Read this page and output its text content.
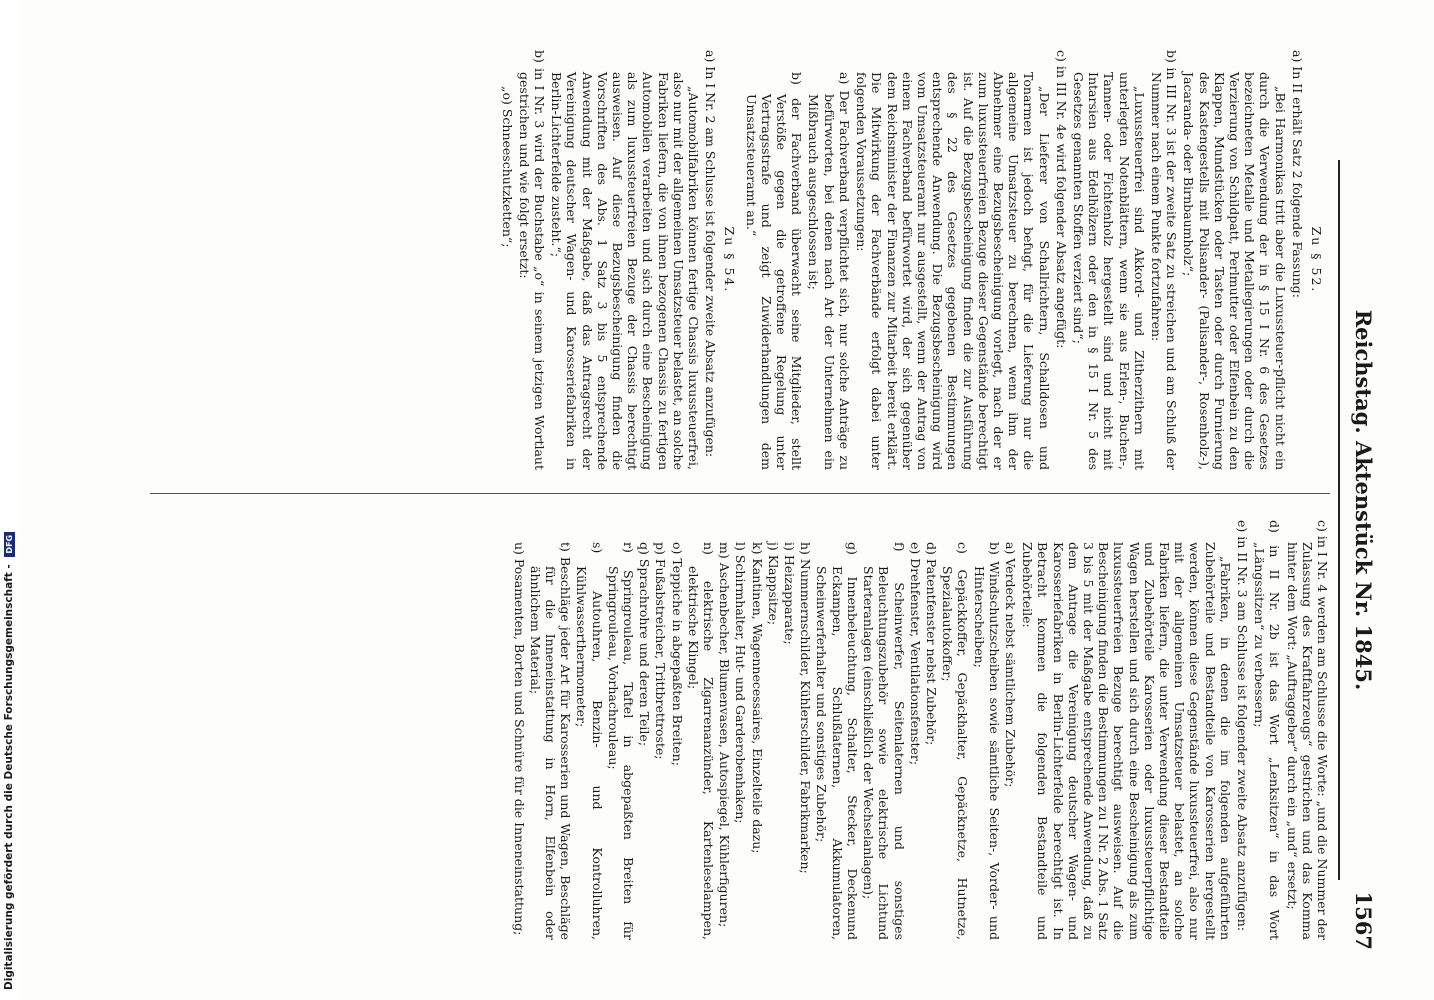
Reichstag. Aktenstück Nr. 1845.
1567

Zu § 52.

a) In II erhält Satz 2 folgende Fassung:

„Bei Harmonikas tritt aber die Luxussteuer-pflicht nicht ein durch die Verwendung der in § 15 I Nr. 6 des Gesetzes bezeichneten Metalle und Metallegierungen oder durch die Verzierung von Schildpatt, Perlmutter oder Elfenbein zu den Klappen, Mundstücken oder Tasten oder durch Furnierung des Kastengestells mit Polisander- (Palisander-, Rosenholz-), Jacaranda- oder Birnbaumholz“;

b) in III Nr. 3 ist der zweite Satz zu streichen und am Schluß der Nummer nach einem Punkte fortzufahren:

„Luxussteuerfrei sind Akkord- und Zitherzithern mit unterlegten Notenblättern, wenn sie aus Erlen-, Buchen-, Tannen- oder Fichtenholz hergestellt sind und nicht mit Intarsien aus Edelhölzern oder den in § 15 I Nr. 5 des Gesetzes genannten Stoffen verziert sind“;

c) in III Nr. 4e wird folgender Absatz angefügt:

„Der Lieferer von Schallrichtern, Schalldosen und Tonarmen ist jedoch befugt, für die Lieferung nur die allgemeine Umsatzsteuer zu berechnen, wenn ihm der Abnehmer eine Bezugsbescheinigung vorlegt, nach der er zum luxussteuerfreien Bezuge dieser Gegenstände berechtigt ist. Auf die Bezugsbescheinigung finden die zur Ausführung des § 22 des Gesetzes gegebenen Bestimmungen entsprechende Anwendung. Die Bezugsbescheinigung wird vom Umsatzsteueramt nur ausgestellt, wenn der Antrag von einem Fachverband befürwortet wird, der sich gegenüber dem Reichsminister der Finanzen zur Mitarbeit bereit erklärt. Die Mitwirkung der Fachverbände erfolgt dabei unter folgenden Voraussetzungen:

a) Der Fachverband verpflichtet sich, nur solche Anträge zu befürworten, bei denen nach Art der Unternehmen ein Mißbrauch ausgeschlossen ist;

b) der Fachverband überwacht seine Mitglieder, stellt Verstöße gegen die getroffene Regelung unter Vertragsstrafe und zeigt Zuwiderhandlungen dem Umsatzsteueramt an.“

Zu § 54.

a) In I Nr. 2 am Schlusse ist folgender zweite Absatz anzufügen:

„Automobilfabriken können fertige Chassis luxussteuerfrei, also nur mit der allgemeinen Umsatzsteuer belastet, an solche Fabriken liefern, die von ihnen bezogenen Chassis zu fertigen Automobilen verarbeiten und sich durch eine Bescheinigung als zum luxussteuerfreien Bezuge der Chassis berechtigt ausweisen. Auf diese Bezugsbescheinigung finden die Vorschriften des Abs. 1 Satz 3 bis 5 entsprechende Anwendung mit der Maßgabe, daß das Antragsrecht der Vereinigung deutscher Wagen- und Karosseriefabriken in Berlin-Lichterfelde zusteht.“;

b) in I Nr. 3 wird der Buchstabe „o“ in seinem jetzigen Wortlaut gestrichen und wie folgt ersetzt:

„o) Schneeschutzketten“;

c) in I Nr. 4 werden am Schlusse die Worte: „und die Nummer der Zulassung des Kraftfahrzeugs“ gestrichen und das Komma hinter dem Wort: „Auftraggeber“ durch ein „und“ ersetzt;

d) in II Nr. 2b ist das Wort „Lenksitzen“ in das Wort „Längssitzen“ zu verbessern;

e) in II Nr. 3 am Schlusse ist folgender zweite Absatz anzufügen:

„Fabriken, in denen die im folgenden aufgeführten Zubehörteile und Bestandteile von Karosserien hergestellt werden, können diese Gegenstände luxussteuerfrei, also nur mit der allgemeinen Umsatzsteuer belastet, an solche Fabriken liefern, die unter Verwendung dieser Bestandteile und Zubehörteile Karosserien oder luxussteuerpflichtige Wagen herstellen und sich durch eine Bescheinigung als zum luxussteuerfreien Bezuge berechtigt ausweisen. Auf die Bescheinigung finden die Bestimmungen zu I Nr. 2 Abs. 1 Satz 3 bis 5 mit der Maßgabe entsprechende Anwendung, daß zu dem Antrage die Vereinigung deutscher Wagen- und Karosseriefabriken in Berlin-Lichterfelde berechtigt ist. In Betracht kommen die folgenden Bestandteile und Zubehörteile:

a) Verdeck nebst sämtlichem Zubehör;

b) Windschutzscheiben sowie sämtliche Seiten-, Vorder- und Hinterscheiben;

c) Gepäckkoffer, Gepäckhalter, Gepäcknetze, Hutnetze, Spezialautokoffer;

d) Patentfenster nebst Zubehör;

e) Drehfenster, Ventilationsfenster;

f) Scheinwerfer, Seitenlaternen und sonstiges Beleuchtungszubehör sowie elektrische Lichtund Starteranlagen (einschließlich der Wechselanlagen);

g) Innenbeleuchtung, Schalter, Stecker, Deckenund Eckampen, Schlußlaternen, Akkumulatoren, Scheinwerferhalter und sonstiges Zubehör;

h) Nummernschilder, Kühlerschilder, Fabrikmarken;

i) Heizapparate;

j) Klappsitze;

k) Kantinen, Wagennecessaires, Einzelteile dazu;

l) Schirmhalter, Hut- und Garderobenhaken;

m) Aschenbecher, Blumenvasen, Autospiegel, Kühlerfiguren;

n) elektrische Zigarrenanzünder, Kartenleselampen, elektrische Klingel;

o) Teppiche in abgepaßten Breiten;

p) Fußabstreicher, Trittbrettroste;

q) Sprachrohre und deren Teile;

r) Springrouleau, Taftel in abgepaßten Breiten für Springrouleau, Vorhachrouleau;

s) Autouhren, Benzin- und Kontrolluhren, Kühlwasserthermometer;

t) Beschläge jeder Art für Karosserien und Wagen, Beschläge für die Inneneinstattung in Horn, Elfenbein oder ähnlichem Material;

u) Posamenten, Borten und Schnüre für die Inneneinstattung;

Digitalisierung gefördert durch die Deutsche Forschungsgemeinschaft - DFG
